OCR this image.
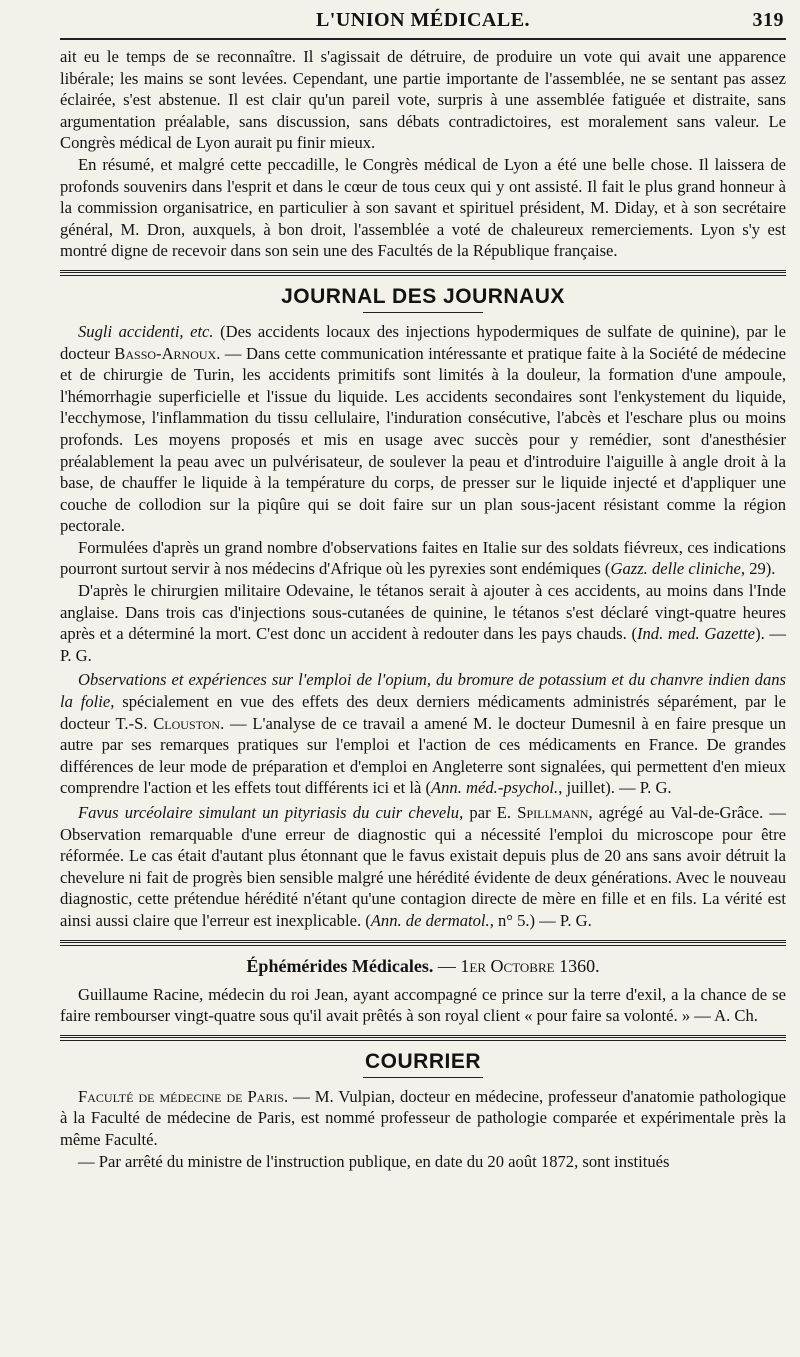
L'UNION MÉDICALE.	319

ait eu le temps de se reconnaître. Il s'agissait de détruire, de produire un vote qui avait une apparence libérale; les mains se sont levées. Cependant, une partie importante de l'assemblée, ne se sentant pas assez éclairée, s'est abstenue. Il est clair qu'un pareil vote, surpris à une assemblée fatiguée et distraite, sans argumentation préalable, sans discussion, sans débats contradictoires, est moralement sans valeur. Le Congrès médical de Lyon aurait pu finir mieux.

En résumé, et malgré cette peccadille, le Congrès médical de Lyon a été une belle chose. Il laissera de profonds souvenirs dans l'esprit et dans le cœur de tous ceux qui y ont assisté. Il fait le plus grand honneur à la commission organisatrice, en particulier à son savant et spirituel président, M. Diday, et à son secrétaire général, M. Dron, auxquels, à bon droit, l'assemblée a voté de chaleureux remerciements. Lyon s'y est montré digne de recevoir dans son sein une des Facultés de la République française.

JOURNAL DES JOURNAUX

Sugli accidenti, etc. (Des accidents locaux des injections hypodermiques de sulfate de quinine), par le docteur Basso-Arnoux. — Dans cette communication intéressante et pratique faite à la Société de médecine et de chirurgie de Turin, les accidents primitifs sont limités à la douleur, la formation d'une ampoule, l'hémorrhagie superficielle et l'issue du liquide. Les accidents secondaires sont l'enkystement du liquide, l'ecchymose, l'inflammation du tissu cellulaire, l'induration consécutive, l'abcès et l'eschare plus ou moins profonds. Les moyens proposés et mis en usage avec succès pour y remédier, sont d'anesthésier préalablement la peau avec un pulvérisateur, de soulever la peau et d'introduire l'aiguille à angle droit à la base, de chauffer le liquide à la température du corps, de presser sur le liquide injecté et d'appliquer une couche de collodion sur la piqûre qui se doit faire sur un plan sous-jacent résistant comme la région pectorale.

Formulées d'après un grand nombre d'observations faites en Italie sur des soldats fiévreux, ces indications pourront surtout servir à nos médecins d'Afrique où les pyrexies sont endémiques (Gazz. delle cliniche, 29).

D'après le chirurgien militaire Odevaine, le tétanos serait à ajouter à ces accidents, au moins dans l'Inde anglaise. Dans trois cas d'injections sous-cutanées de quinine, le tétanos s'est déclaré vingt-quatre heures après et a déterminé la mort. C'est donc un accident à redouter dans les pays chauds. (Ind. med. Gazette). — P. G.

Observations et expériences sur l'emploi de l'opium, du bromure de potassium et du chanvre indien dans la folie, spécialement en vue des effets des deux derniers médicaments administrés séparément, par le docteur T.-S. Clouston. — L'analyse de ce travail a amené M. le docteur Dumesnil à en faire presque un autre par ses remarques pratiques sur l'emploi et l'action de ces médicaments en France. De grandes différences de leur mode de préparation et d'emploi en Angleterre sont signalées, qui permettent d'en mieux comprendre l'action et les effets tout différents ici et là (Ann. méd.-psychol., juillet). — P. G.

Favus urcéolaire simulant un pityriasis du cuir chevelu, par E. Spillmann, agrégé au Val-de-Grâce. — Observation remarquable d'une erreur de diagnostic qui a nécessité l'emploi du microscope pour être réformée. Le cas était d'autant plus étonnant que le favus existait depuis plus de 20 ans sans avoir détruit la chevelure ni fait de progrès bien sensible malgré une hérédité évidente de deux générations. Avec le nouveau diagnostic, cette prétendue hérédité n'étant qu'une contagion directe de mère en fille et en fils. La vérité est ainsi aussi claire que l'erreur est inexplicable. (Ann. de dermatol., n° 5.) — P. G.

Éphémérides Médicales. — 1er Octobre 1360.

Guillaume Racine, médecin du roi Jean, ayant accompagné ce prince sur la terre d'exil, a la chance de se faire rembourser vingt-quatre sous qu'il avait prêtés à son royal client « pour faire sa volonté. » — A. Ch.

COURRIER

Faculté de médecine de Paris. — M. Vulpian, docteur en médecine, professeur d'anatomie pathologique à la Faculté de médecine de Paris, est nommé professeur de pathologie comparée et expérimentale près la même Faculté.

— Par arrêté du ministre de l'instruction publique, en date du 20 août 1872, sont institués
